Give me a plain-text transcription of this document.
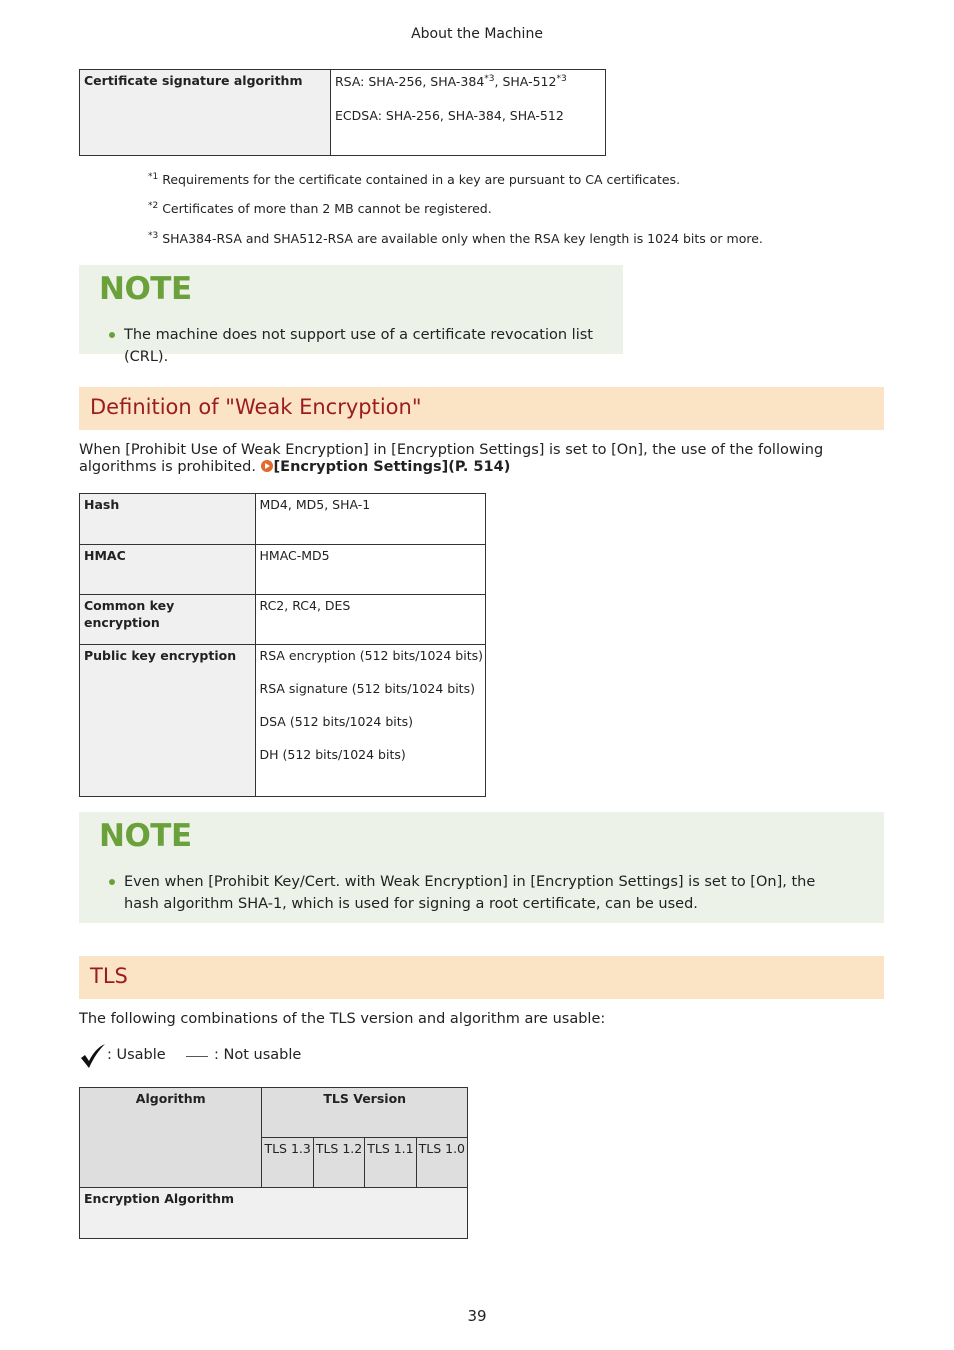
About the Machine
Certificate signature algorithm	RSA: SHA-256, SHA-384$^{*3}$, SHA-512$^{*3}$
ECDSA: SHA-256, SHA-384, SHA-512
$^{*1}$ Requirements for the certificate contained in a key are pursuant to CA certificates.
$^{*2}$ Certificates of more than 2 MB cannot be registered.
$^{*3}$ SHA384-RSA and SHA512-RSA are available only when the RSA key length is 1024 bits or more.
NOTE
The machine does not support use of a certificate revocation list (CRL).
Definition of "Weak Encryption"
When [Prohibit Use of Weak Encryption] in [Encryption Settings] is set to [On], the use of the following algorithms is prohibited. [Encryption Settings](P. 514)
Hash	MD4, MD5, SHA-1
HMAC	HMAC-MD5
Common key encryption	RC2, RC4, DES
Public key encryption	RSA encryption (512 bits/1024 bits)
RSA signature (512 bits/1024 bits)
DSA (512 bits/1024 bits)
DH (512 bits/1024 bits)
NOTE
Even when [Prohibit Key/Cert. with Weak Encryption] in [Encryption Settings] is set to [On], the hash algorithm SHA-1, which is used for signing a root certificate, can be used.
TLS
The following combinations of the TLS version and algorithm are usable:
: Usable	: Not usable
Algorithm	TLS Version			
	TLS 1.3	TLS 1.2	TLS 1.1	TLS 1.0
Encryption Algorithm				
39
